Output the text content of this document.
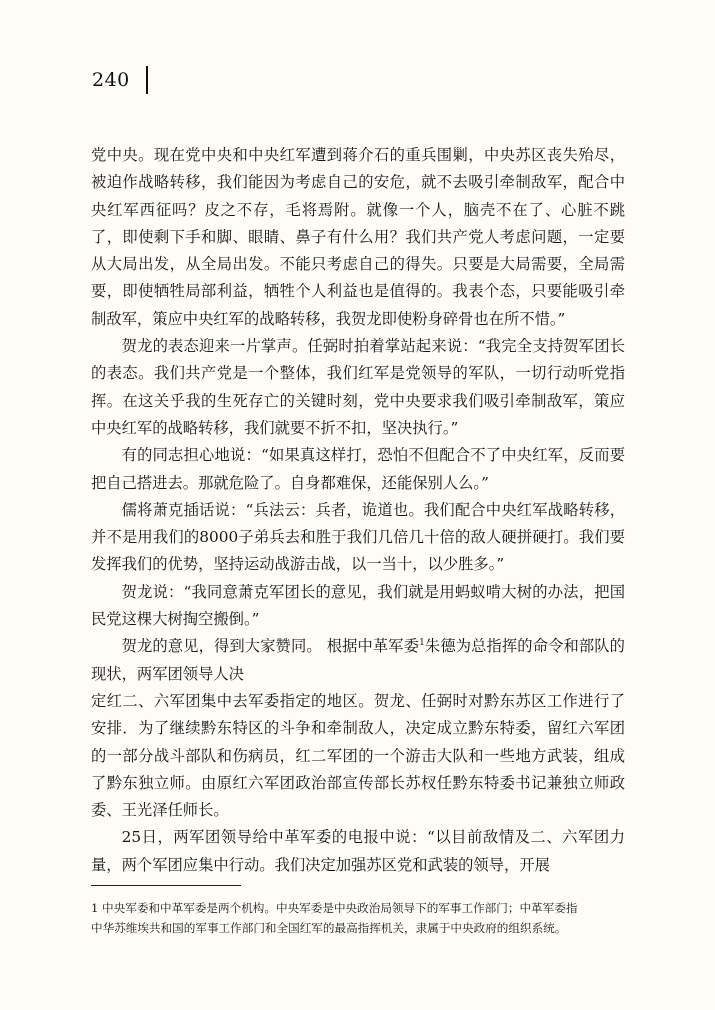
240

党中央。现在党中央和中央红军遭到蒋介石的重兵围剿，中央苏区丧失殆尽，被迫作战略转移，我们能因为考虑自己的安危，就不去吸引牵制敌军，配合中央红军西征吗？皮之不存，毛将焉附。就像一个人，脑壳不在了、心脏不跳了，即使剩下手和脚、眼睛、鼻子有什么用？我们共产党人考虑问题，一定要从大局出发，从全局出发。不能只考虑自己的得失。只要是大局需要，全局需要，即使牺牲局部利益，牺牲个人利益也是值得的。我表个态，只要能吸引牵制敌军，策应中央红军的战略转移，我贺龙即使粉身碎骨也在所不惜。”

贺龙的表态迎来一片掌声。任弼时拍着掌站起来说：“我完全支持贺军团长的表态。我们共产党是一个整体，我们红军是党领导的军队，一切行动听党指挥。在这关乎我的生死存亡的关键时刻，党中央要求我们吸引牵制敌军，策应中央红军的战略转移，我们就要不折不扣，坚决执行。”

有的同志担心地说：“如果真这样打，恐怕不但配合不了中央红军，反而要把自己搭进去。那就危险了。自身都难保，还能保别人么。”

儒将萧克插话说：“兵法云：兵者，诡道也。我们配合中央红军战略转移，并不是用我们的8000子弟兵去和胜于我们几倍几十倍的敌人硬拼硬打。我们要发挥我们的优势，坚持运动战游击战，以一当十，以少胜多。”

贺龙说：“我同意萧克军团长的意见，我们就是用蚂蚁啃大树的办法，把国民党这棵大树掏空搬倒。”

贺龙的意见，得到大家赞同。 根据中革军委$^1$朱德为总指挥的命令和部队的现状，两军团领导人决

定红二、六军团集中去军委指定的地区。贺龙、任弼时对黔东苏区工作进行了安排．为了继续黔东特区的斗争和牵制敌人，决定成立黔东特委，留红六军团的一部分战斗部队和伤病员，红二军团的一个游击大队和一些地方武装，组成了黔东独立师。由原红六军团政治部宣传部长苏杈任黔东特委书记兼独立师政委、王光泽任师长。

25日，两军团领导给中革军委的电报中说：“以目前敌情及二、六军团力量，两个军团应集中行动。我们决定加强苏区党和武装的领导，开展

1 中央军委和中革军委是两个机构。中央军委是中央政治局领导下的军事工作部门；中革军委指

中华苏维埃共和国的军事工作部门和全国红军的最高指挥机关，隶属于中央政府的组织系统。
